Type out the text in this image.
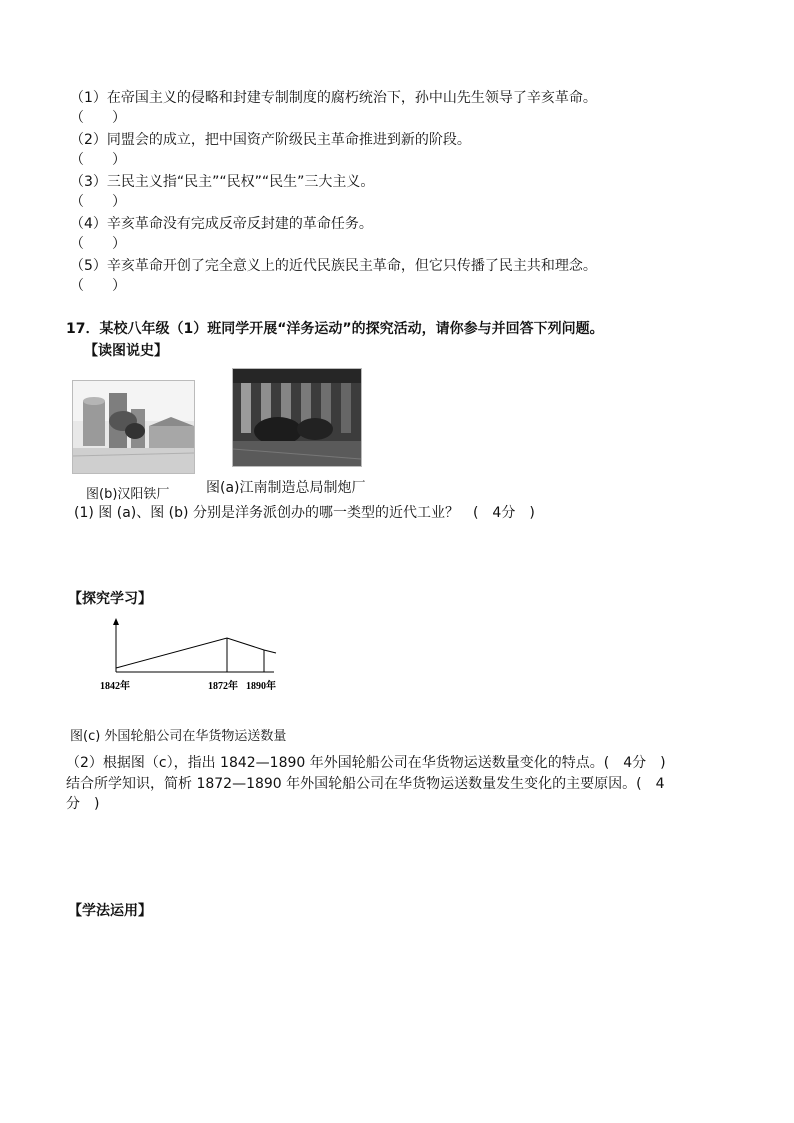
（1）在帝国主义的侵略和封建专制制度的腐朽统治下，孙中山先生领导了辛亥革命。
（　　）
（2）同盟会的成立，把中国资产阶级民主革命推进到新的阶段。
（　　）
（3）三民主义指“民主”“民权”“民生”三大主义。
（　　）
（4）辛亥革命没有完成反帝反封建的革命任务。
（　　）
（5）辛亥革命开创了完全意义上的近代民族民主革命，但它只传播了民主共和理念。
（　　）
17．某校八年级（1）班同学开展“洋务运动”的探究活动，请你参与并回答下列问题。
【读图说史】
图(b)汉阳铁厂	图(a)江南制造总局制炮厂
(1) 图 (a)、图 (b) 分别是洋务派创办的哪一类型的近代工业？　(　4分　)
【探究学习】
1842年	1872年 1890年
图(c) 外国轮船公司在华货物运送数量
（2）根据图（c），指出 1842—1890 年外国轮船公司在华货物运送数量变化的特点。(　4分　)
结合所学知识，简析 1872—1890 年外国轮船公司在华货物运送数量发生变化的主要原因。(　4
分　)
【学法运用】
